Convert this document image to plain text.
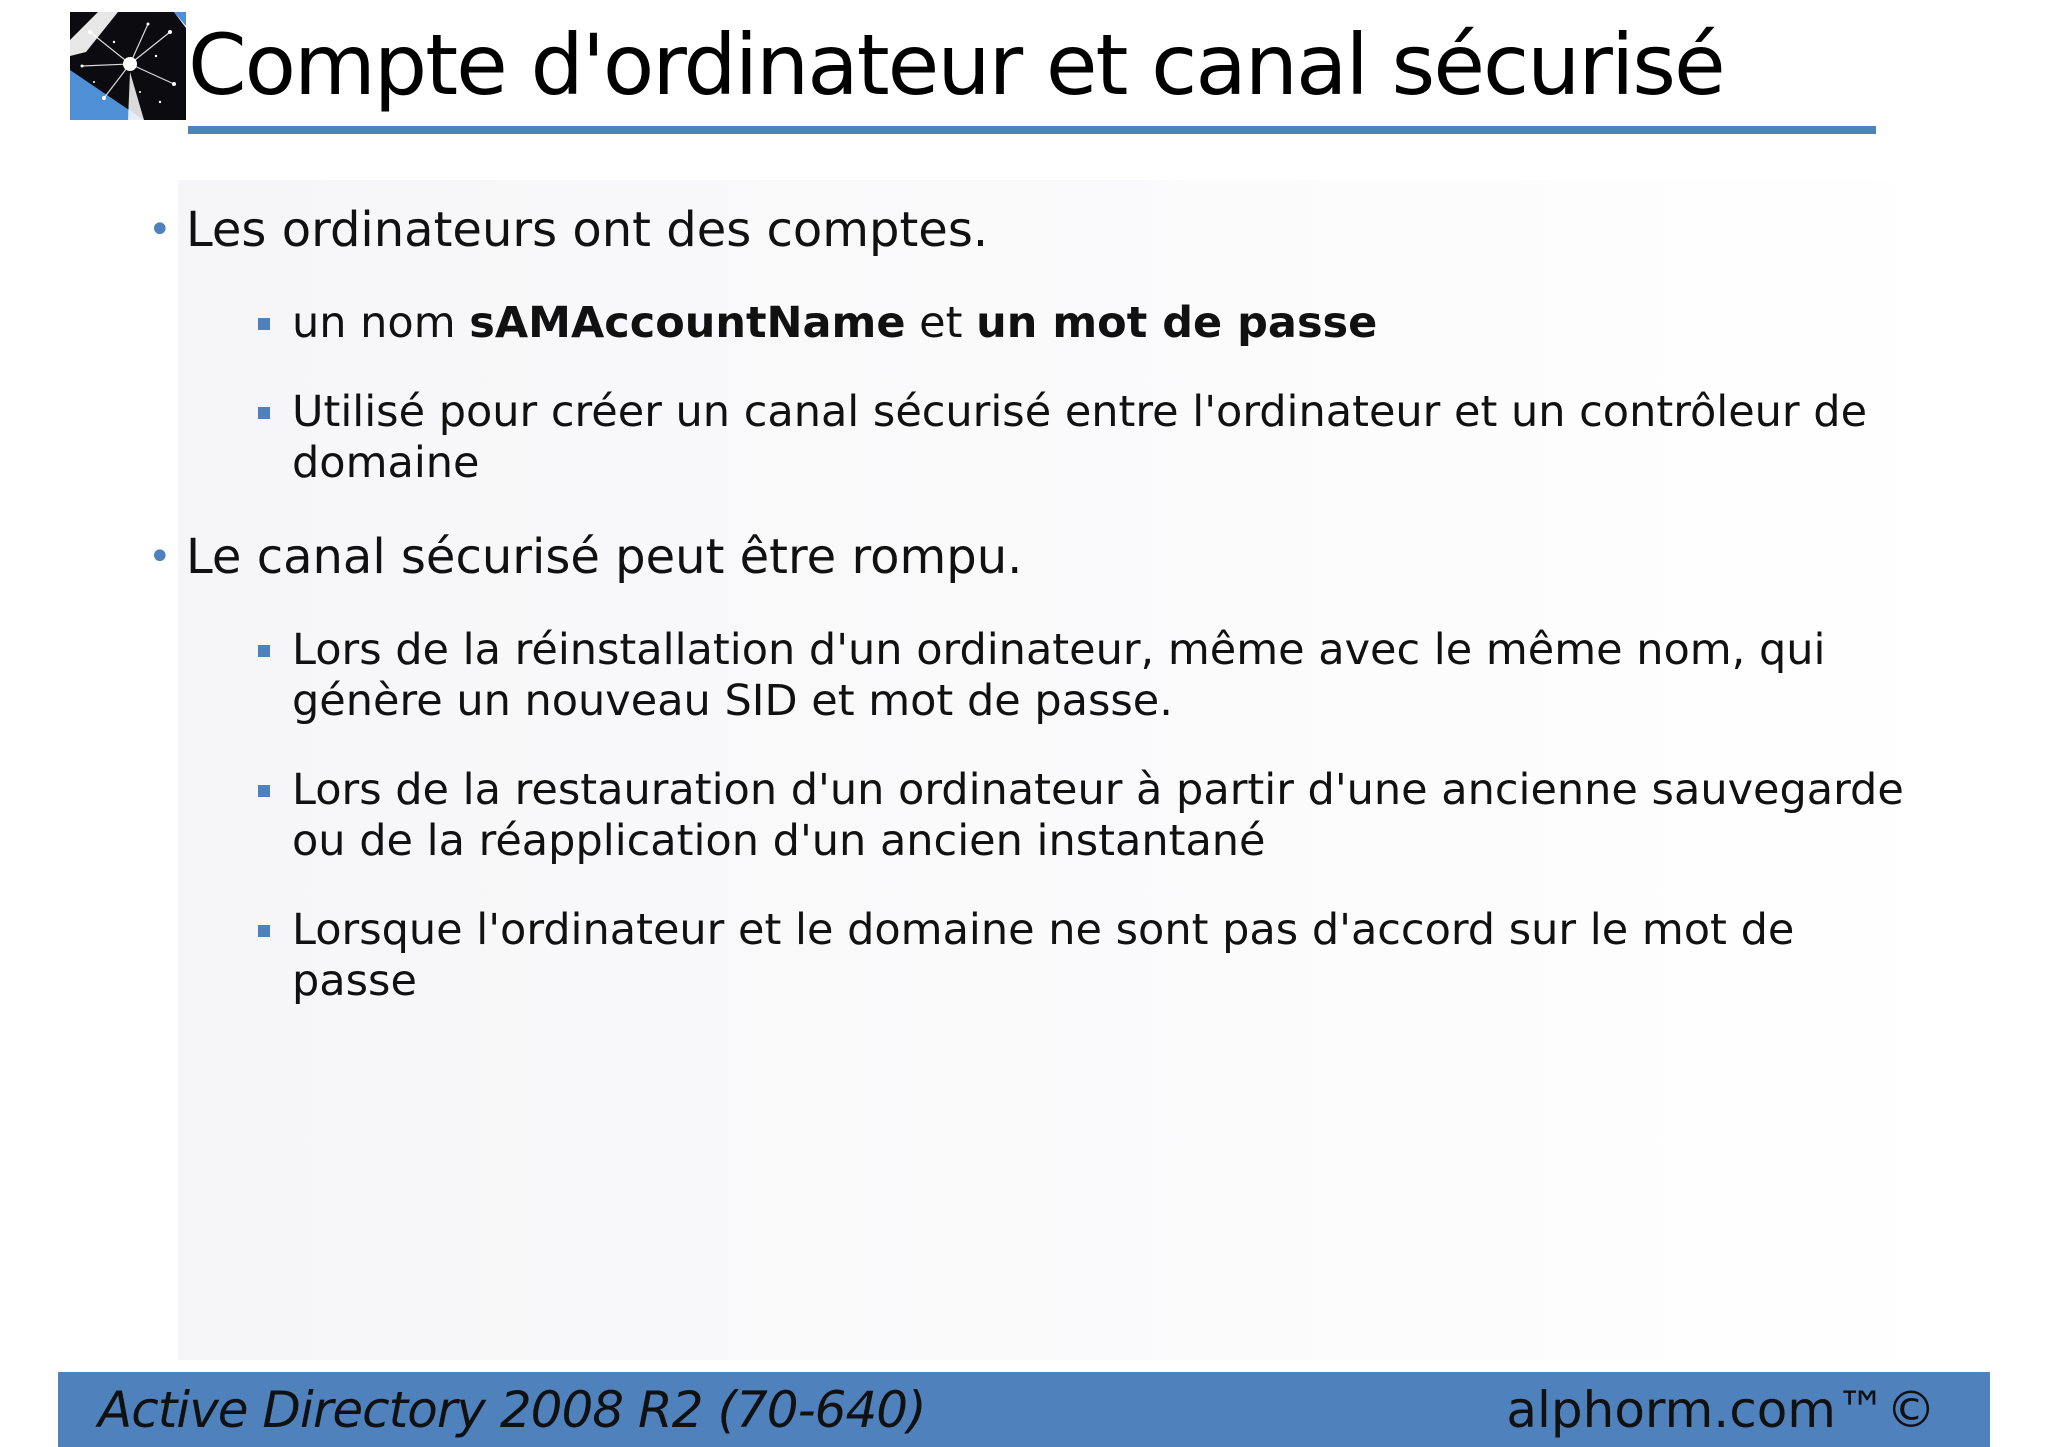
Compte d'ordinateur et canal sécurisé
• Les ordinateurs ont des comptes.
un nom sAMAccountName et un mot de passe
Utilisé pour créer un canal sécurisé entre l'ordinateur et un contrôleur de domaine
• Le canal sécurisé peut être rompu.
Lors de la réinstallation d'un ordinateur, même avec le même nom, qui génère un nouveau SID et mot de passe.
Lors de la restauration d'un ordinateur à partir d'une ancienne sauvegarde ou de la réapplication d'un ancien instantané
Lorsque l'ordinateur et le domaine ne sont pas d'accord sur le mot de passe
Active Directory 2008 R2 (70-640)	alphorm.com™©
